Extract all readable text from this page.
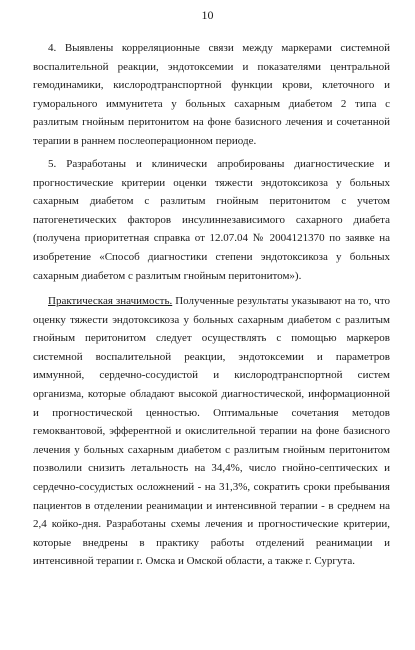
10

4. Выявлены корреляционные связи между маркерами системной воспалительной реакции, эндотоксемии и показателями центральной гемодинамики, кислородтранспортной функции крови, клеточного и гуморального иммунитета у больных сахарным диабетом 2 типа с разлитым гнойным перитонитом на фоне базисного лечения и сочетанной терапии в раннем послеоперационном периоде.

5. Разработаны и клинически апробированы диагностические и прогностические критерии оценки тяжести эндотоксикоза у больных сахарным диабетом с разлитым гнойным перитонитом с учетом патогенетических факторов инсулиннезависимого сахарного диабета (получена приоритетная справка от 12.07.04 № 2004121370 по заявке на изобретение «Способ диагностики степени эндотоксикоза у больных сахарным диабетом с разлитым гнойным перитонитом»).

Практическая значимость. Полученные результаты указывают на то, что оценку тяжести эндотоксикоза у больных сахарным диабетом с разлитым гнойным перитонитом следует осуществлять с помощью маркеров системной воспалительной реакции, эндотоксемии и параметров иммунной, сердечно-сосудистой и кислородтранспортной систем организма, которые обладают высокой диагностической, информационной и прогностической ценностью. Оптимальные сочетания методов гемоквантовой, эфферентной и окислительной терапии на фоне базисного лечения у больных сахарным диабетом с разлитым гнойным перитонитом позволили снизить летальность на 34,4%, число гнойно-септических и сердечно-сосудистых осложнений - на 31,3%, сократить сроки пребывания пациентов в отделении реанимации и интенсивной терапии - в среднем на 2,4 койко-дня. Разработаны схемы лечения и прогностические критерии, которые внедрены в практику работы отделений реанимации и интенсивной терапии г. Омска и Омской области, а также г. Сургута.
